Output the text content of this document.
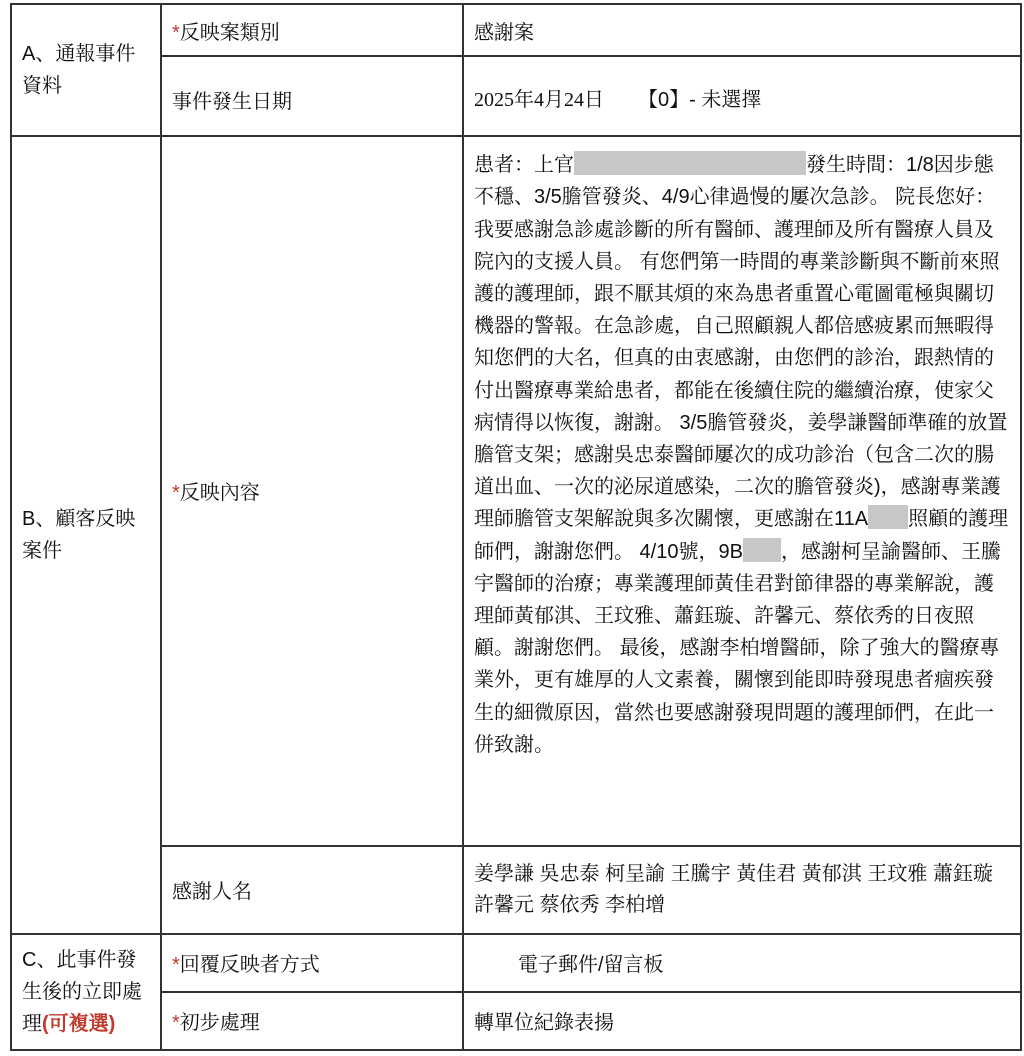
A、通報事件資料	*反映案類別	感謝案
	事件發生日期	2025年4月24日 【0】- 未選擇

B、顧客反映案件	*反映內容	患者：上官 發生時間：1/8因步態不穩、3/5膽管發炎、4/9心律過慢的屢次急診。 院長您好： 我要感謝急診處診斷的所有醫師、護理師及所有醫療人員及院內的支援人員。 有您們第一時間的專業診斷與不斷前來照護的護理師，跟不厭其煩的來為患者重置心電圖電極與關切機器的警報。在急診處，自己照顧親人都倍感疲累而無暇得知您們的大名，但真的由衷感謝，由您們的診治，跟熱情的付出醫療專業給患者，都能在後續住院的繼續治療，使家父病情得以恢復，謝謝。 3/5膽管發炎，姜學謙醫師準確的放置膽管支架；感謝吳忠泰醫師屢次的成功診治（包含二次的腸道出血、一次的泌尿道感染，二次的膽管發炎)，感謝專業護理師膽管支架解說與多次關懷，更感謝在11A 照顧的護理師們，謝謝您們。 4/10號，9B ，感謝柯呈諭醫師、王騰宇醫師的治療；專業護理師黃佳君對節律器的專業解說，護理師黃郁淇、王玟雅、蕭鈺璇、許馨元、蔡依秀的日夜照顧。謝謝您們。 最後，感謝李柏增醫師，除了強大的醫療專業外，更有雄厚的人文素養，關懷到能即時發現患者痼疾發生的細微原因，當然也要感謝發現問題的護理師們，在此一併致謝。
	感謝人名	姜學謙 吳忠泰 柯呈諭 王騰宇 黃佳君 黃郁淇 王玟雅 蕭鈺璇 許馨元 蔡依秀 李柏增
C、此事件發生後的立即處理(可複選)	*回覆反映者方式	電子郵件/留言板
	*初步處理	轉單位紀錄表揚
